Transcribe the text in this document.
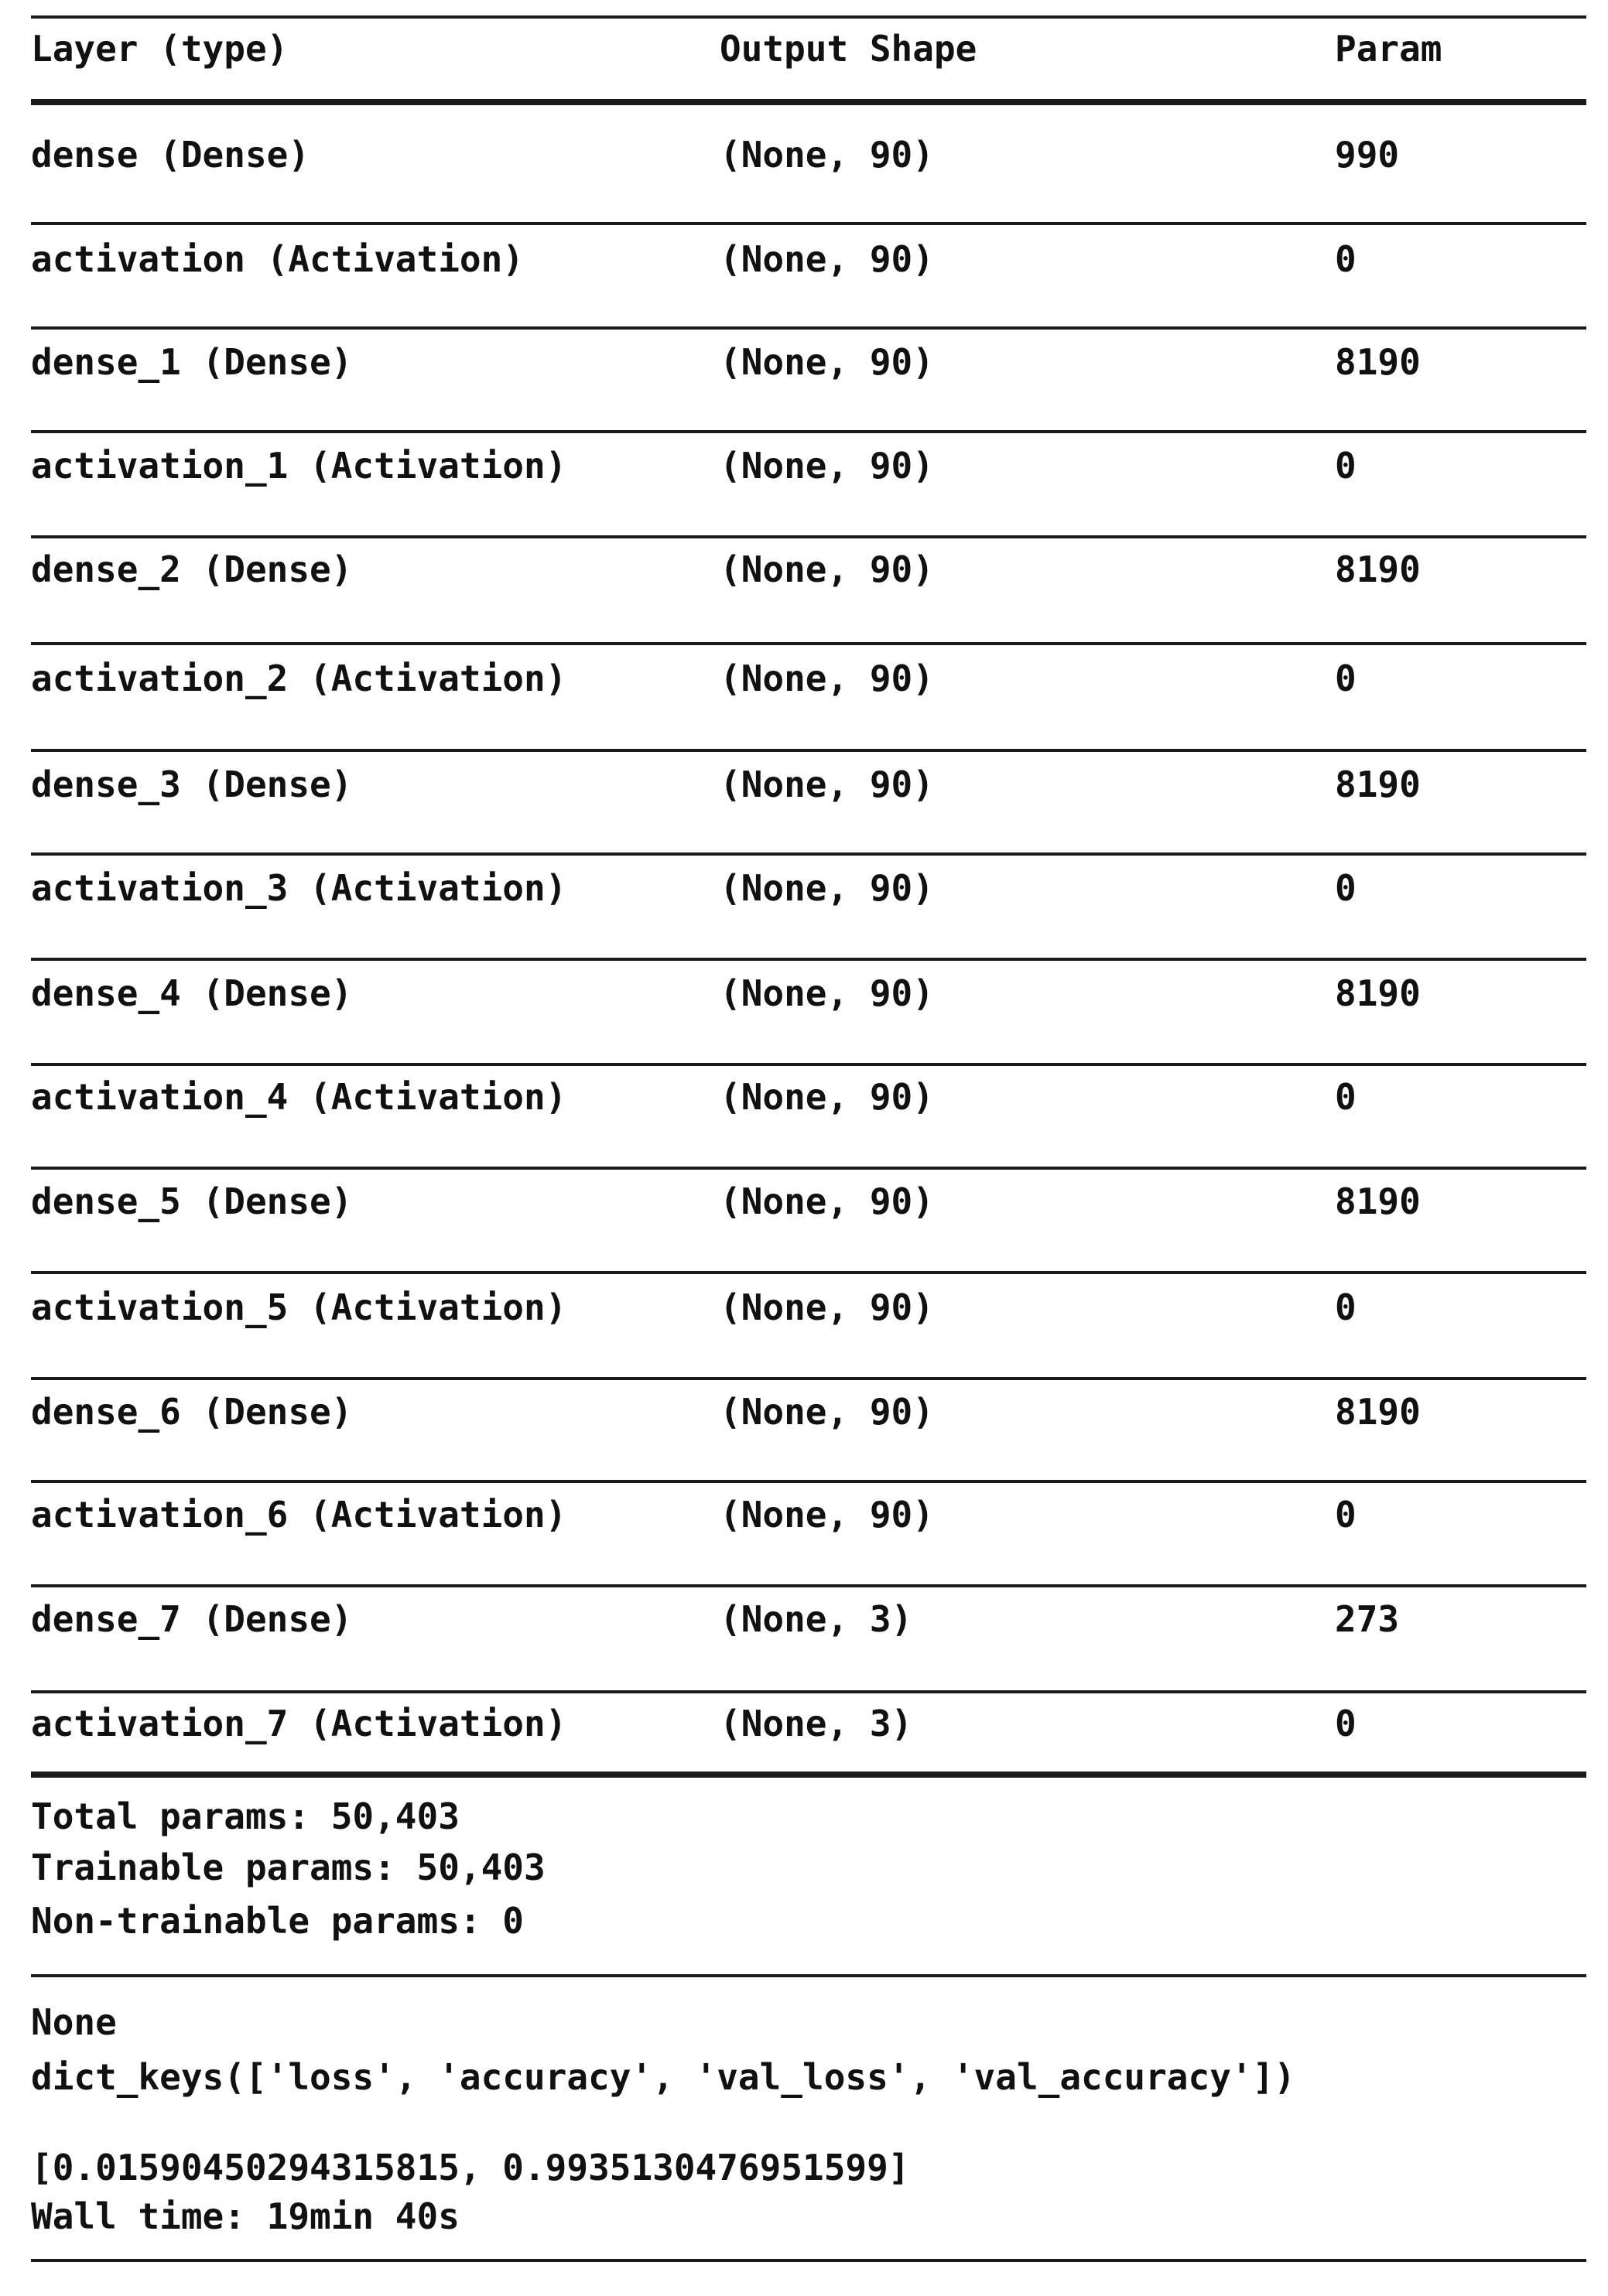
Layer (type)	Output Shape	Param
dense (Dense)	(None, 90)	990
activation (Activation)	(None, 90)	0
dense_1 (Dense)	(None, 90)	8190
activation_1 (Activation)	(None, 90)	0
dense_2 (Dense)	(None, 90)	8190
activation_2 (Activation)	(None, 90)	0
dense_3 (Dense)	(None, 90)	8190
activation_3 (Activation)	(None, 90)	0
dense_4 (Dense)	(None, 90)	8190
activation_4 (Activation)	(None, 90)	0
dense_5 (Dense)	(None, 90)	8190
activation_5 (Activation)	(None, 90)	0
dense_6 (Dense)	(None, 90)	8190
activation_6 (Activation)	(None, 90)	0
dense_7 (Dense)	(None, 3)	273
activation_7 (Activation)	(None, 3)	0
Total params: 50,403
Trainable params: 50,403
Non-trainable params: 0
None
dict_keys(['loss', 'accuracy', 'val_loss', 'val_accuracy'])
[0.01590450294315815, 0.9935130476951599]
Wall time: 19min 40s
